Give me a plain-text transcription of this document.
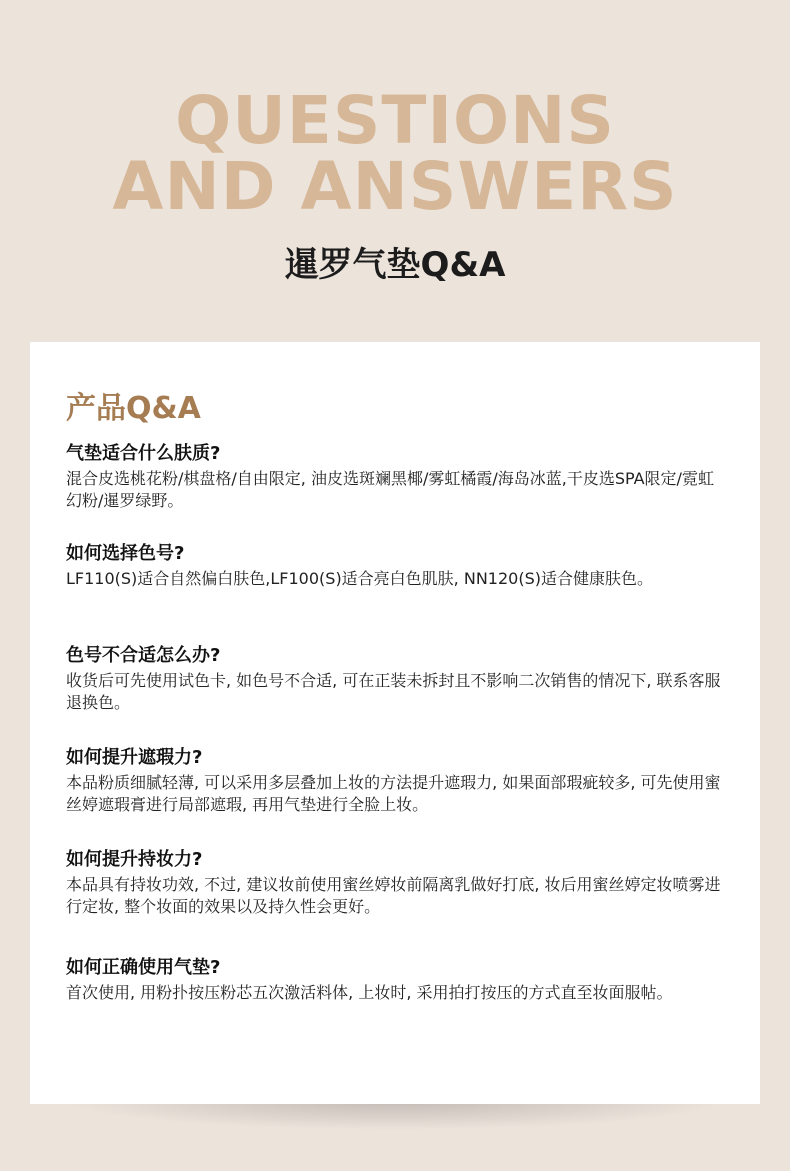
QUESTIONS
AND ANSWERS
暹罗气垫Q&A
产品Q&A

气垫适合什么肤质?

混合皮选桃花粉/棋盘格/自由限定, 油皮选斑斓黑椰/雾虹橘霞/海岛冰蓝,干皮选SPA限定/霓虹幻粉/暹罗绿野。

如何选择色号?

LF110(S)适合自然偏白肤色,LF100(S)适合亮白色肌肤, NN120(S)适合健康肤色。

色号不合适怎么办?

收货后可先使用试色卡, 如色号不合适, 可在正装未拆封且不影响二次销售的情况下, 联系客服退换色。

如何提升遮瑕力?

本品粉质细腻轻薄, 可以采用多层叠加上妆的方法提升遮瑕力, 如果面部瑕疵较多, 可先使用蜜丝婷遮瑕膏进行局部遮瑕, 再用气垫进行全脸上妆。

如何提升持妆力?

本品具有持妆功效, 不过, 建议妆前使用蜜丝婷妆前隔离乳做好打底, 妆后用蜜丝婷定妆喷雾进行定妆, 整个妆面的效果以及持久性会更好。

如何正确使用气垫?

首次使用, 用粉扑按压粉芯五次激活料体, 上妆时, 采用拍打按压的方式直至妆面服帖。
